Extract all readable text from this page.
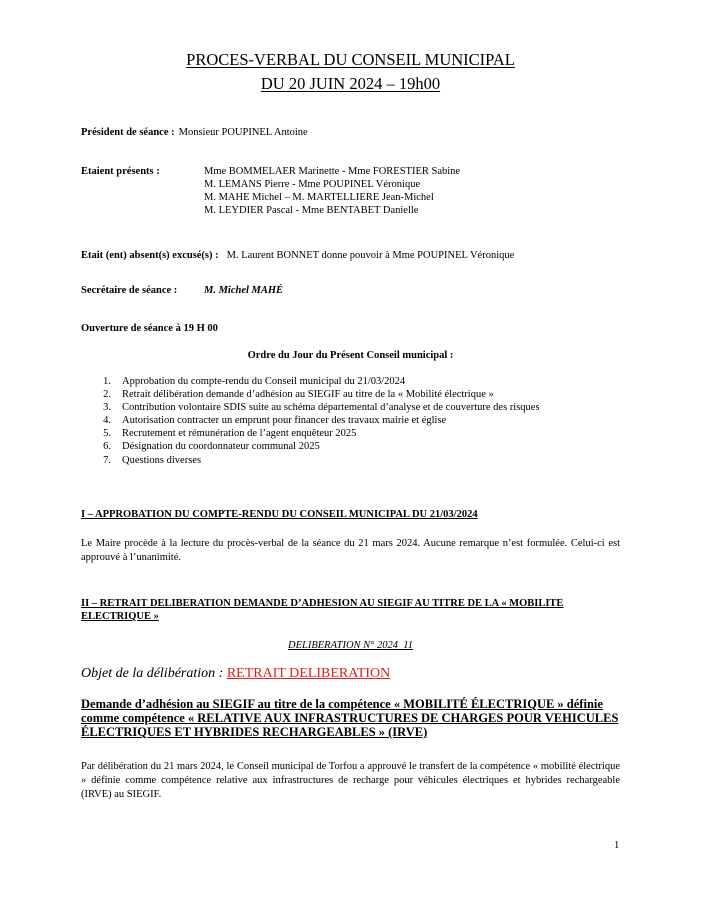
PROCES-VERBAL DU CONSEIL MUNICIPAL
DU 20 JUIN 2024 – 19h00
Président de séance : Monsieur POUPINEL Antoine
Etaient présents :	Mme BOMMELAER Marinette - Mme FORESTIER Sabine
M. LEMANS Pierre - Mme POUPINEL Véronique
M. MAHE Michel – M. MARTELLIERE Jean-Michel
M. LEYDIER Pascal - Mme BENTABET Danielle
Etait (ent) absent(s) excusé(s) : M. Laurent BONNET donne pouvoir à Mme POUPINEL Véronique
Secrétaire de séance :	M. Michel MAHÉ
Ouverture de séance à 19 H 00
Ordre du Jour du Présent Conseil municipal :
1. Approbation du compte-rendu du Conseil municipal du 21/03/2024
2. Retrait délibération demande d’adhésion au SIEGIF au titre de la « Mobilité électrique »
3. Contribution volontaire SDIS suite au schéma départemental d’analyse et de couverture des risques
4. Autorisation contracter un emprunt pour financer des travaux mairie et église
5. Recrutement et rémunération de l’agent enquêteur 2025
6. Désignation du coordonnateur communal 2025
7. Questions diverses
I – APPROBATION DU COMPTE-RENDU DU CONSEIL MUNICIPAL DU 21/03/2024
Le Maire procède à la lecture du procès-verbal de la séance du 21 mars 2024. Aucune remarque n’est formulée. Celui-ci est approuvé à l’unanimité.
II – RETRAIT DELIBERATION DEMANDE D’ADHESION AU SIEGIF AU TITRE DE LA « MOBILITE ELECTRIQUE »
DELIBERATION N° 2024_11
Objet de la délibération : RETRAIT DELIBERATION
Demande d’adhésion au SIEGIF au titre de la compétence « MOBILITÉ ÉLECTRIQUE » définie comme compétence « RELATIVE AUX INFRASTRUCTURES DE CHARGES POUR VEHICULES ÉLECTRIQUES ET HYBRIDES RECHARGEABLES » (IRVE)
Par délibération du 21 mars 2024, le Conseil municipal de Torfou a approuvé le transfert de la compétence « mobilité électrique » définie comme compétence relative aux infrastructures de recharge pour véhicules électriques et hybrides rechargeable (IRVE) au SIEGIF.
1
